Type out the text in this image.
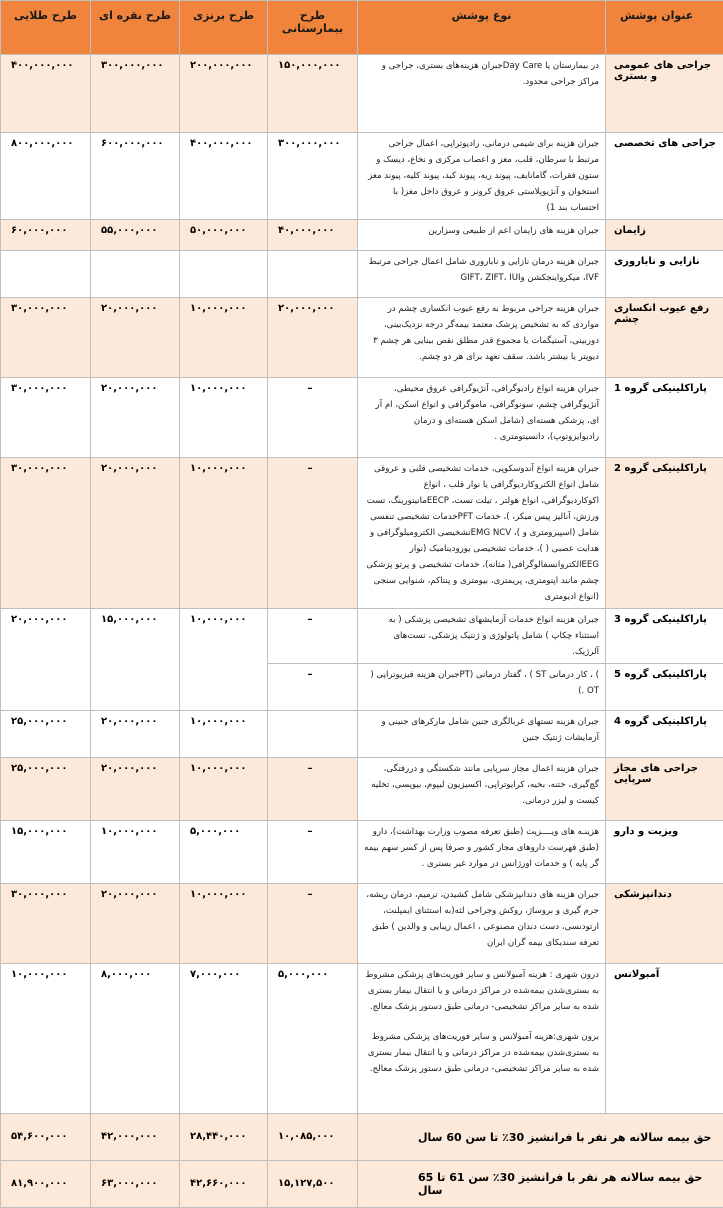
عنوان پوشش	نوع پوشش	طرح بیمارستانی	طرح برنزی	طرح نقره ای	طرح طلایی
جراحی های عمومی و بستری	در بیمارستان یا Day Careجبران هزینه‌های بستری، جراحی و مراکز جراحی محدود.	۱۵۰,۰۰۰,۰۰۰	۲۰۰,۰۰۰,۰۰۰	۳۰۰,۰۰۰,۰۰۰	۴۰۰,۰۰۰,۰۰۰
جراحی های تخصصی	جبران هزینه برای شیمی درمانی، رادیوتراپی، اعمال جراحی مرتبط با سرطان، قلب، مغز و اعصاب مرکزی و نخاع، دیسک و ستون فقرات، گامانایف، پیوند ریه، پیوند کبد، پیوند کلیه، پیوند مغز استخوان و آنژیوپلاستی عروق کرونر و عروق داخل مغز( با احتساب بند 1)	۳۰۰,۰۰۰,۰۰۰	۴۰۰,۰۰۰,۰۰۰	۶۰۰,۰۰۰,۰۰۰	۸۰۰,۰۰۰,۰۰۰
زایمان	جبران هزینه های زایمان اعم از طبیعی وسزارین	۴۰,۰۰۰,۰۰۰	۵۰,۰۰۰,۰۰۰	۵۵,۰۰۰,۰۰۰	۶۰,۰۰۰,۰۰۰
نازایی و ناباروری	جبران هزینه درمان نازایی و ناباروری شامل اعمال جراحی مرتبط IVF، میکرواینجکشن وGIFT، ZIFT، IUI				
رفع عیوب انکساری چشم	جبران هزینه جراحی مربوط به رفع عیوب انکساری چشم در مواردی که به تشخیص پزشک معتمد بیمه‌گر درجه نزدیک‌بینی، دوربینی، آستیگمات یا مجموع قدر مطلق نقص بینایی هر چشم ۳ دیوپتر یا بیشتر باشد. سقف تعهد برای هر دو چشم.	۲۰,۰۰۰,۰۰۰	۱۰,۰۰۰,۰۰۰	۲۰,۰۰۰,۰۰۰	۳۰,۰۰۰,۰۰۰
پاراکلینیکی گروه 1	جبران هزینه انواع رادیوگرافی، آنژیوگرافی عروق محیطی، آنژیوگرافی چشم، سونوگرافی، ماموگرافی و انواع اسکن، ام آر ای، پزشکی هسته‌ای (شامل اسکن هسته‌ای و درمان رادیوایزوتوپ)، دانسیتومتری .	–	۱۰,۰۰۰,۰۰۰	۲۰,۰۰۰,۰۰۰	۳۰,۰۰۰,۰۰۰
پاراکلینیکی گروه 2	جبران هزینه انواع آندوسکوپی، خدمات تشخیصی قلبی و عروقی شامل انواع الکتروکاردیوگرافی یا نوار قلب ، انواع اکوکاردیوگرافی، انواع هولتر ، تیلت تست، EECPمانیتورینگ، تست ورزش، آنالیز پیس میکر، )، خدمات PFTخدمات تشخیصی تنفسی شامل (اسپیرومتری و )، EMG NCVتشخیصی الکترومیلوگرافی و هدایت عصبی ( )، خدمات تشخیصی یورودینامیک (نوار EEGالکتروانسفالوگرافی( مثانه)، خدمات تشخیصی و پرتو پزشکی چشم مانند اپتومتری، پریمتری، بیومتری و پنتاکم، شنوایی سنجی (انواع ادیومتری	–	۱۰,۰۰۰,۰۰۰	۲۰,۰۰۰,۰۰۰	۳۰,۰۰۰,۰۰۰
پاراکلینیکی گروه 3	جبران هزینه انواع خدمات آزمایشهای تشخیصی پزشکی ( به استثناء چکاپ ) شامل پاتولوژی و ژنتیک پزشکی، تست‌های آلرژیک.	–	۱۰,۰۰۰,۰۰۰	۱۵,۰۰۰,۰۰۰	۲۰,۰۰۰,۰۰۰
پاراکلینیکی گروه 5	) ، کار درمانی ST ) ، گفتار درمانی (PTجبران هزینه فیزیوتراپی ( OT .)	–			
پاراکلینیکی گروه 4	جبران هزینه تستهای غربالگری جنین شامل مارکرهای جنینی و آزمایشات ژنتیک جنین		۱۰,۰۰۰,۰۰۰	۲۰,۰۰۰,۰۰۰	۲۵,۰۰۰,۰۰۰
جراحی های مجاز سرپایی	جبران هزینه اعمال مجاز سرپایی مانند شکستگی و دررفتگی، گچ‌گیری، ختنه، بخیه، کرایوتراپی، اکسیزیون لیپوم، بیوپسی، تخلیه کیست و لیزر درمانی.	–	۱۰,۰۰۰,۰۰۰	۲۰,۰۰۰,۰۰۰	۲۵,۰۰۰,۰۰۰
ویزیت و دارو	هزینـه های ویــــزیت (طبق تعرفه مصوب وزارت بهداشت)، دارو (طبق فهرست داروهای مجاز کشور و صرفا پس از کسر سهم بیمه گر پایه ) و خدمات اورژانس در موارد غیر بستری .	–	۵,۰۰۰,۰۰۰	۱۰,۰۰۰,۰۰۰	۱۵,۰۰۰,۰۰۰
دندانپزشکی	جبران هزینه های دندانپزشکی شامل کشیدن، ترمیم، درمان ریشه، جرم گیری و بروساژ، روکش وجراحی لثه(به استثنای ایمپلنت، ارتودنسی، دست دندان مصنوعی ، اعمال زیبایی و والدین ) طبق تعرفه سندیکای بیمه گران ایران	–	۱۰,۰۰۰,۰۰۰	۲۰,۰۰۰,۰۰۰	۳۰,۰۰۰,۰۰۰
آمبولانس	درون شهری : هزینه آمبولانس و سایر فوریت‌های پزشکی مشروط به بستری‌شدن بیمه‌شده در مراکز درمانی و یا انتقال بیمار بستری شده به سایر مراکز تشخیصی- درمانی طبق دستور پزشک معالج.
برون شهری:هزینه آمبولانس و سایر فوریت‌های پزشکی مشروط به بستری‌شدن بیمه‌شده در مراکز درمانی و یا انتقال بیمار بستری شده به سایر مراکز تشخیصی- درمانی طبق دستور پزشک معالج.	۵,۰۰۰,۰۰۰	۷,۰۰۰,۰۰۰	۸,۰۰۰,۰۰۰	۱۰,۰۰۰,۰۰۰
حق بیمه سالانه هر نفر با فرانشیز 30٪ تا سن 60 سال		۱۰,۰۸۵,۰۰۰	۲۸,۴۴۰,۰۰۰	۴۲,۰۰۰,۰۰۰	۵۴,۶۰۰,۰۰۰
حق بیمه سالانه هر نفر با فرانشیز 30٪ سن 61 تا 65 سال		۱۵,۱۲۷,۵۰۰	۴۲,۶۶۰,۰۰۰	۶۳,۰۰۰,۰۰۰	۸۱,۹۰۰,۰۰۰
